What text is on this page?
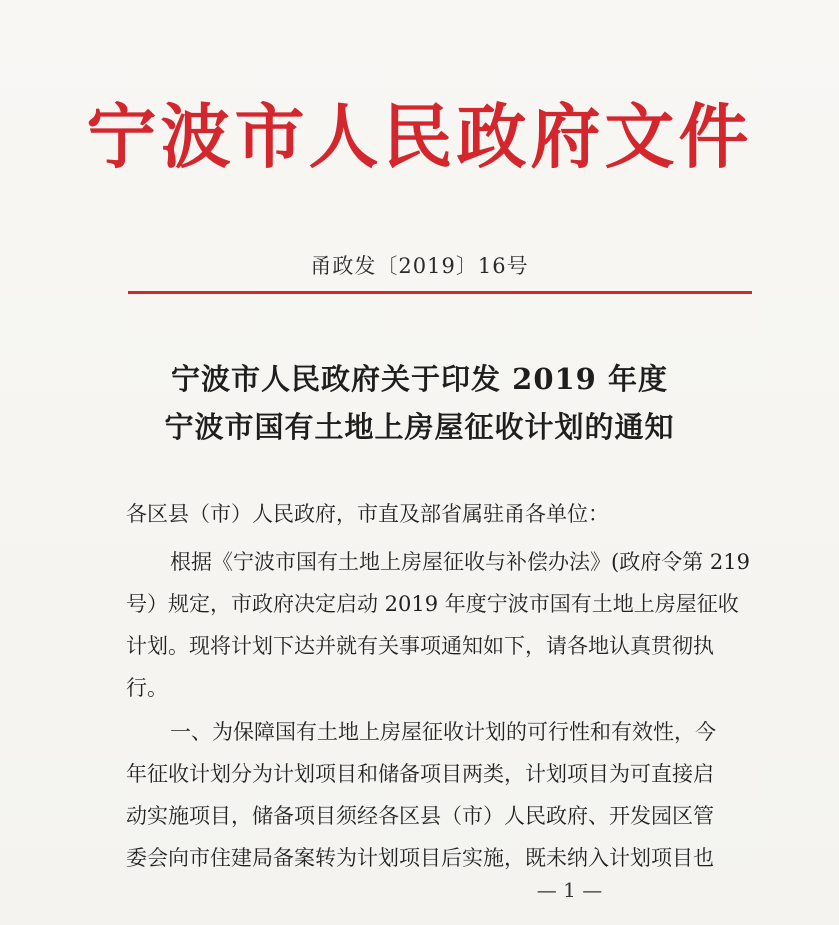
宁波市人民政府文件
甬政发〔2019〕16号
宁波市人民政府关于印发 2019 年度
宁波市国有土地上房屋征收计划的通知
各区县（市）人民政府，市直及部省属驻甬各单位：
根据《宁波市国有土地上房屋征收与补偿办法》(政府令第 219
号）规定，市政府决定启动 2019 年度宁波市国有土地上房屋征收
计划。现将计划下达并就有关事项通知如下，请各地认真贯彻执
行。
一、为保障国有土地上房屋征收计划的可行性和有效性，今
年征收计划分为计划项目和储备项目两类，计划项目为可直接启
动实施项目，储备项目须经各区县（市）人民政府、开发园区管
委会向市住建局备案转为计划项目后实施，既未纳入计划项目也
— 1 —
